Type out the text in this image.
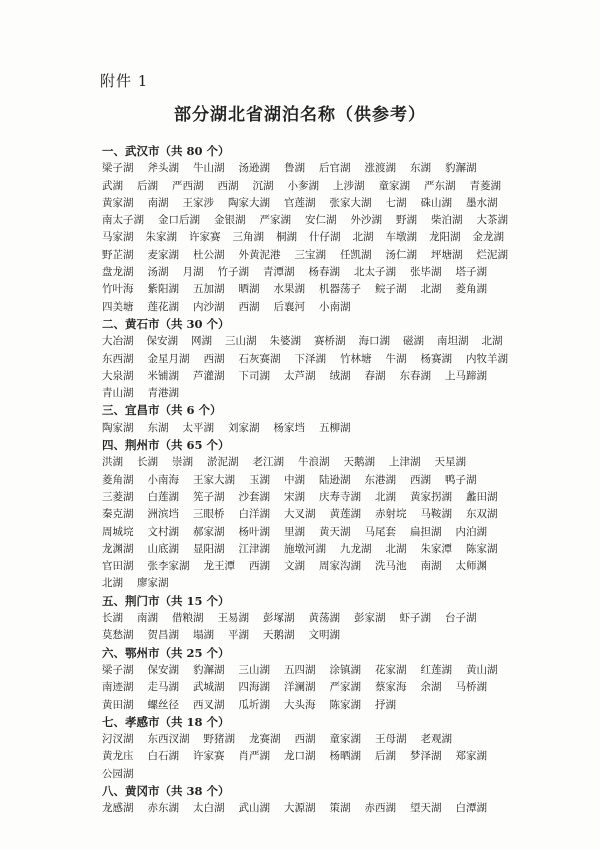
附件 1
部分湖北省湖泊名称（供参考）
一、武汉市（共 80 个）
梁子湖 斧头湖 牛山湖 汤逊湖 鲁湖 后官湖 涨渡湖 东湖 豹澥湖
武湖 后湖 严西湖 西湖 沉湖 小奓湖 上涉湖 童家湖 严东湖 青菱湖
黄家湖 南湖 王家涉 陶家大湖 官莲湖 张家大湖 七湖 硃山湖 墨水湖
南太子湖 金口后湖 金银湖 严家湖 安仁湖 外沙湖 野湖 柴泊湖 大茶湖
马家湖 朱家湖 许家赛 三角湖 桐湖 什仔湖 北湖 车墩湖 龙阳湖 金龙湖
野芷湖 麦家湖 杜公湖 外黄泥港 三宝湖 任凯湖 汤仁湖 坪塘湖 烂泥湖
盘龙湖 汤湖 月湖 竹子湖 青潭湖 杨春湖 北太子湖 张毕湖 塔子湖
竹叶海 紫阳湖 五加湖 晒湖 水果湖 机器荡子 鲩子湖 北湖 菱角湖
四美塘 莲花湖 内沙湖 西湖 后襄河 小南湖
二、黄石市（共 30 个）
大冶湖 保安湖 网湖 三山湖 朱婆湖 赛桥湖 海口湖 磁湖 南坦湖 北湖
东西湖 金星月湖 西湖 石灰赛湖 下泽湖 竹林塘 牛湖 杨赛湖 内牧羊湖
大泉湖 米铺湖 芦灌湖 下司湖 太芦湖 绒湖 春湖 东春湖 上马蹄湖
青山湖 青港湖
三、宜昌市（共 6 个）
陶家湖 东湖 太平湖 刘家湖 杨家垱 五柳湖
四、荆州市（共 65 个）
洪湖 长湖 崇湖 淤泥湖 老江湖 牛浪湖 天鹅湖 上津湖 天星湖
菱角湖 小南海 王家大湖 玉湖 中湖 陆逊湖 东港湖 西湖 鸭子湖
三菱湖 白莲湖 筅子湖 沙套湖 宋湖 庆寿寺湖 北湖 黄家拐湖 蠡田湖
秦克湖 洲滨垱 三眼桥 白洋湖 大叉湖 黄莲湖 赤射垸 马鞍湖 东双湖
周城垸 文村湖 郝家湖 杨叶湖 里湖 黄天湖 马尾套 扁担湖 内泊湖
龙渊湖 山底湖 显阳湖 江津湖 施墩河湖 九龙湖 北湖 朱家潭 陈家湖
官田湖 张李家湖 龙王潭 西湖 文湖 周家沟湖 洗马池 南湖 太师渊
北湖 廖家湖
五、荆门市（共 15 个）
长湖 南湖 借粮湖 王易湖 彭塚湖 黄荡湖 彭家湖 虾子湖 台子湖
莫愁湖 贺昌湖 塌湖 平湖 天鹅湖 文明湖
六、鄂州市（共 25 个）
梁子湖 保安湖 豹澥湖 三山湖 五四湖 涂镇湖 花家湖 红莲湖 黄山湖
南迹湖 走马湖 武城湖 四海湖 洋澜湖 严家湖 蔡家海 余湖 马桥湖
黄田湖 螺丝径 西叉湖 瓜圻湖 大头海 陈家湖 抒湖
七、孝感市（共 18 个）
汈汊湖 东西汊湖 野猪湖 龙赛湖 西湖 童家湖 王母湖 老观湖
黄龙庒 白石湖 许家赛 肖严湖 龙口湖 杨晒湖 后湖 梦泽湖 郑家湖
公园湖
八、黄冈市（共 38 个）
龙感湖 赤东湖 太白湖 武山湖 大源湖 策湖 赤西湖 望天湖 白潭湖
